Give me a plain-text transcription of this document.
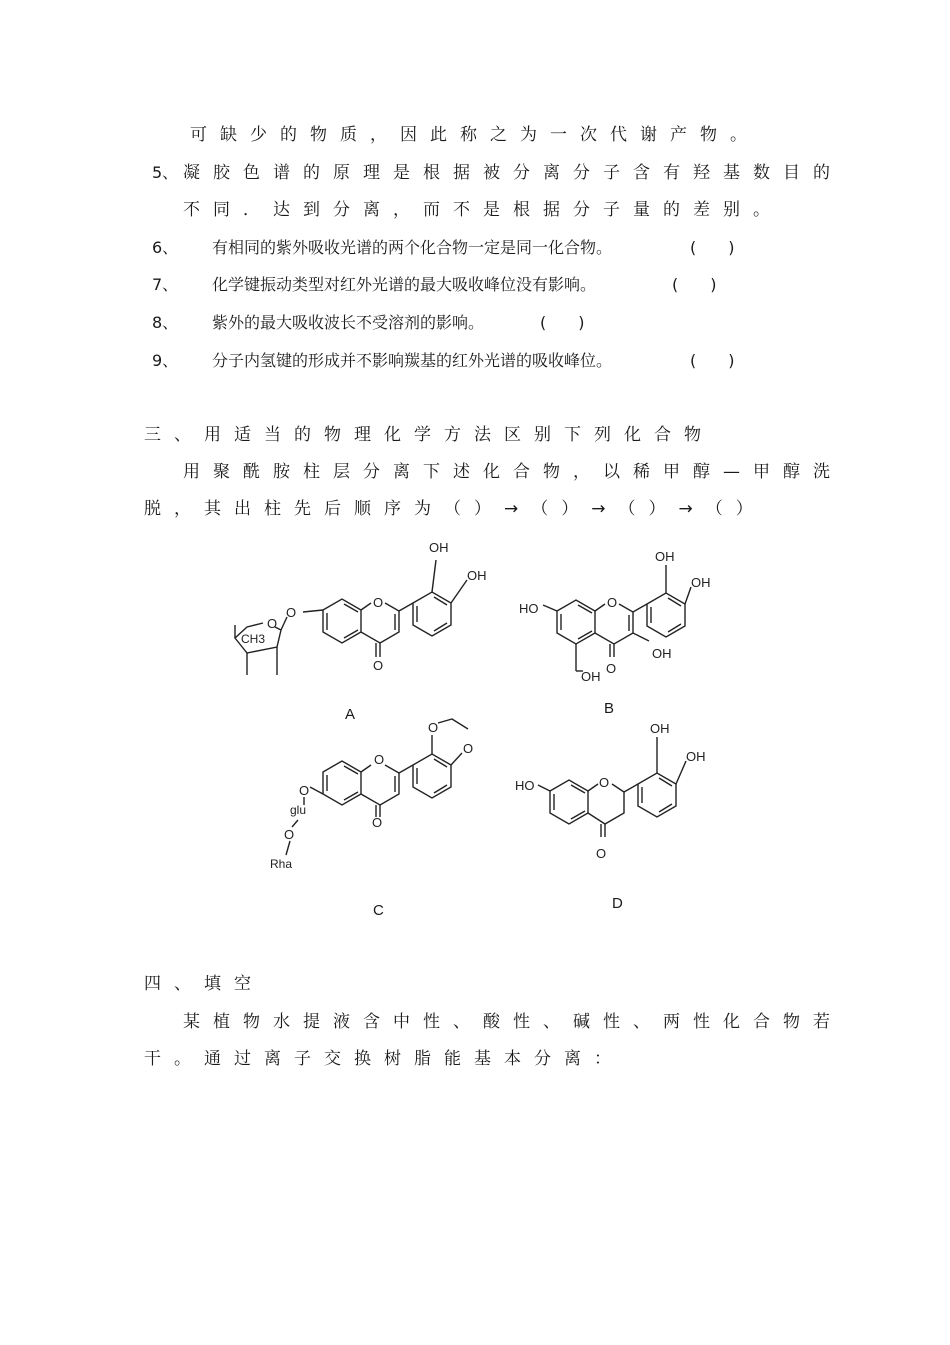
可缺少的物质，因此称之为一次代谢产物。
5、 凝胶色谱的原理是根据被分离分子含有羟基数目的
不同．达到分离，而不是根据分子量的差别。
6、 有相同的紫外吸收光谱的两个化合物一定是同一化合物。	(　　)
7、 化学键振动类型对红外光谱的最大吸收峰位没有影响。	(　　)
8、 紫外的最大吸收波长不受溶剂的影响。	(　　)
9、 分子内氢键的形成并不影响羰基的红外光谱的吸收峰位。	(　　)
三、用适当的物理化学方法区别下列化合物
用聚酰胺柱层分离下述化合物，以稀甲醇—甲醇洗
脱，其出柱先后顺序为（）→（）→（）→（）
OH
OH
O
O
O
CH3
O
A
HO
OH
OH
O
OH
O
OH
B
O
O
O
O
glu
O
Rha
O
C
HO
OH
OH
O
O
D
四、填空
某植物水提液含中性、酸性、碱性、两性化合物若
干。通过离子交换树脂能基本分离：
